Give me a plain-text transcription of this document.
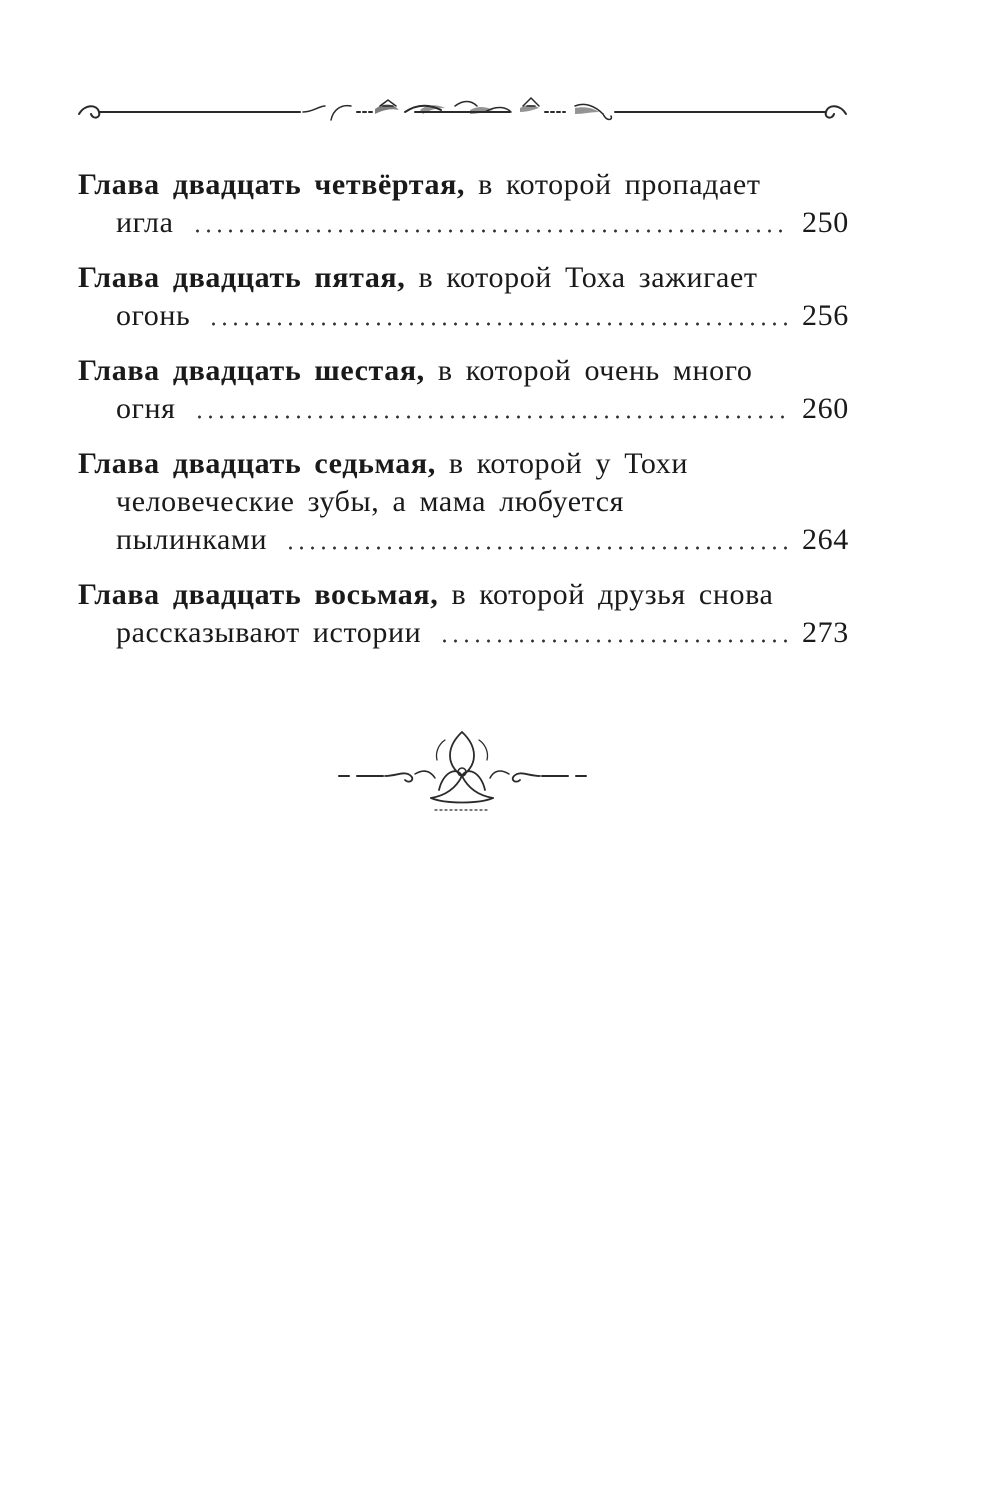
Глава двадцать четвёртая, в которой пропадает
игла	250
Глава двадцать пятая, в которой Тоха зажигает
огонь	256
Глава двадцать шестая, в которой очень много
огня	260
Глава двадцать седьмая, в которой у Тохи
человеческие зубы, а мама любуется
пылинками	264
Глава двадцать восьмая, в которой друзья снова
рассказывают истории	273
